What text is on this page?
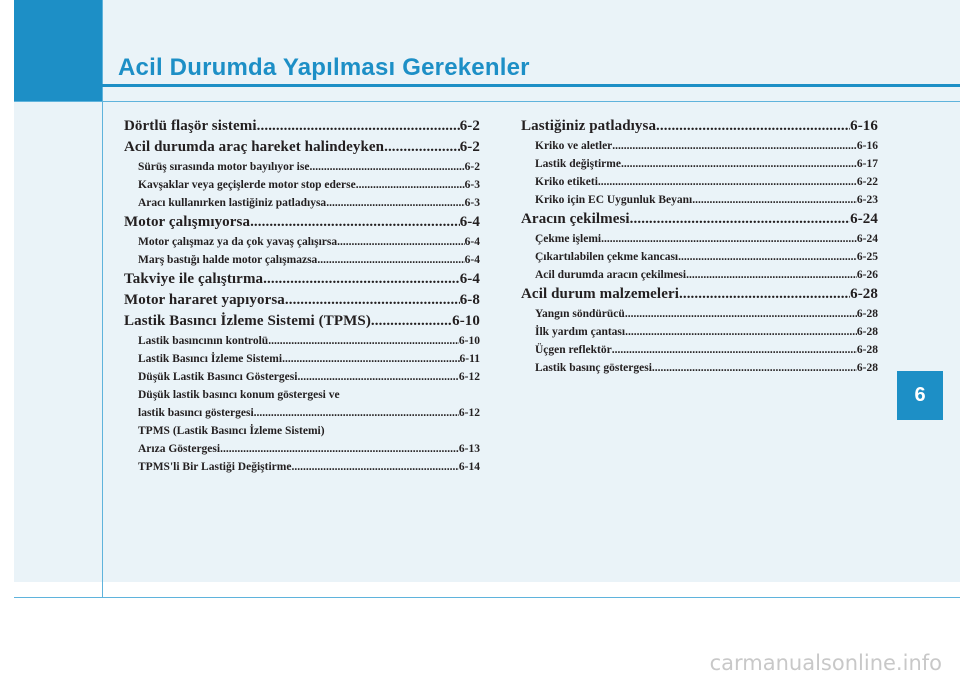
Acil Durumda Yapılması Gerekenler
Dörtlü flaşör sistemi .....	6-2
Acil durumda araç hareket halindeyken .....	6-2
Sürüş sırasında motor bayılıyor ise .....	6-2
Kavşaklar veya geçişlerde motor stop ederse .....	6-3
Aracı kullanırken lastiğiniz patladıysa .....	6-3
Motor çalışmıyorsa .....	6-4
Motor çalışmaz ya da çok yavaş çalışırsa .....	6-4
Marş bastığı halde motor çalışmazsa .....	6-4
Takviye ile çalıştırma .....	6-4
Motor hararet yapıyorsa .....	6-8
Lastik Basıncı İzleme Sistemi (TPMS) .....	6-10
Lastik basıncının kontrolü .....	6-10
Lastik Basıncı İzleme Sistemi .....	6-11
Düşük Lastik Basıncı Göstergesi .....	6-12
Düşük lastik basıncı konum göstergesi ve
lastik basıncı göstergesi .....	6-12
TPMS (Lastik Basıncı İzleme Sistemi)
Arıza Göstergesi .....	6-13
TPMS'li Bir Lastiği Değiştirme .....	6-14
Lastiğiniz patladıysa .....	6-16
Kriko ve aletler .....	6-16
Lastik değiştirme .....	6-17
Kriko etiketi .....	6-22
Kriko için EC Uygunluk Beyanı .....	6-23
Aracın çekilmesi .....	6-24
Çekme işlemi .....	6-24
Çıkartılabilen çekme kancası .....	6-25
Acil durumda aracın çekilmesi .....	6-26
Acil durum malzemeleri .....	6-28
Yangın söndürücü .....	6-28
İlk yardım çantası .....	6-28
Üçgen reflektör .....	6-28
Lastik basınç göstergesi .....	6-28
6
carmanualsonline.info
